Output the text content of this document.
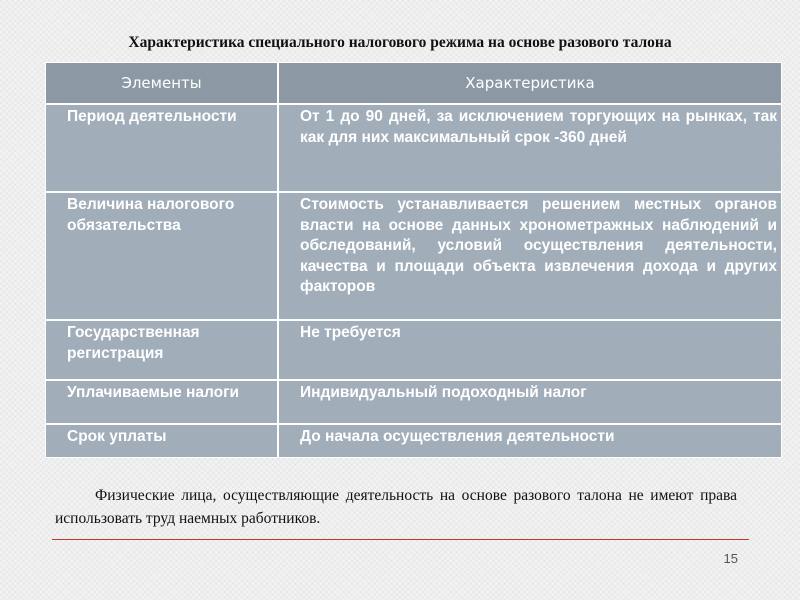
Характеристика специального налогового режима на основе разового талона
Элементы	Характеристика
Период деятельности	От 1 до 90 дней, за исключением торгующих на рынках, так как для них максимальный срок -360 дней
Величина налогового обязательства	Стоимость устанавливается решением местных органов власти на основе данных хронометражных наблюдений и обследований, условий осуществления деятельности, качества и площади объекта извлечения дохода и других факторов
Государственная регистрация	Не требуется
Уплачиваемые налоги	Индивидуальный подоходный налог
Срок уплаты	До начала осуществления деятельности
Физические лица, осуществляющие деятельность на основе разового талона не имеют права использовать труд наемных работников.
15
